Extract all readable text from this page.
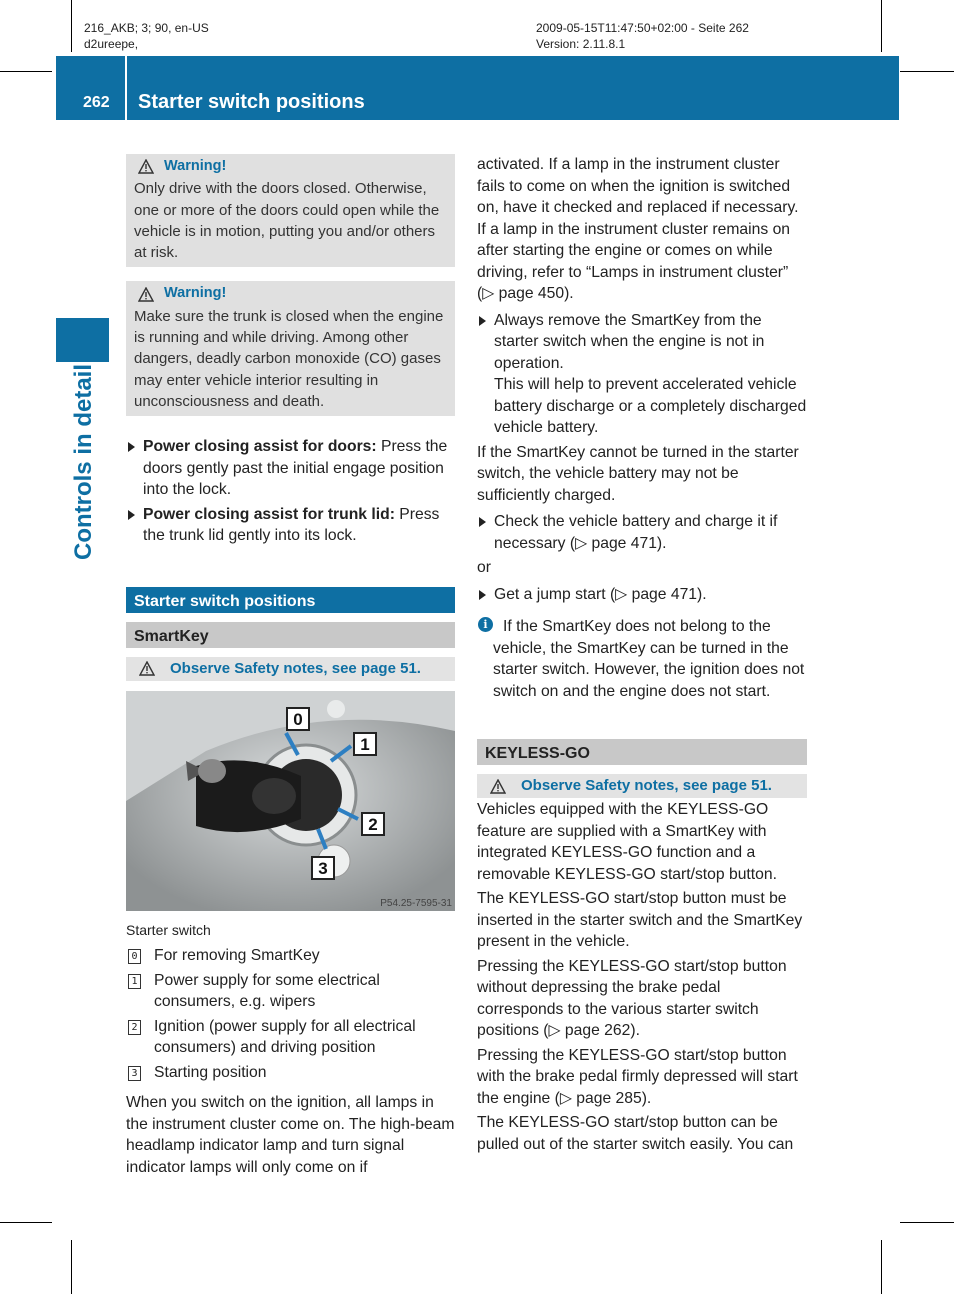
216_AKB; 3; 90, en-US
d2ureepe,
2009-05-15T11:47:50+02:00 - Seite 262
Version: 2.11.8.1
262 Starter switch positions
Controls in detail
Warning!
Only drive with the doors closed. Otherwise, one or more of the doors could open while the vehicle is in motion, putting you and/or others at risk.
Warning!
Make sure the trunk is closed when the engine is running and while driving. Among other dangers, deadly carbon monoxide (CO) gases may enter vehicle interior resulting in unconsciousness and death.
Power closing assist for doors: Press the doors gently past the initial engage position into the lock.
Power closing assist for trunk lid: Press the trunk lid gently into its lock.
Starter switch positions
SmartKey
Observe Safety notes, see page 51.
0
1
2
3
P54.25-7595-31
Starter switch
0 For removing SmartKey
1 Power supply for some electrical consumers, e.g. wipers
2 Ignition (power supply for all electrical consumers) and driving position
3 Starting position

When you switch on the ignition, all lamps in the instrument cluster come on. The high-beam headlamp indicator lamp and turn signal indicator lamps will only come on if

activated. If a lamp in the instrument cluster fails to come on when the ignition is switched on, have it checked and replaced if necessary. If a lamp in the instrument cluster remains on after starting the engine or comes on while driving, refer to “Lamps in instrument cluster” (▷ page 450).

Always remove the SmartKey from the starter switch when the engine is not in operation.
This will help to prevent accelerated vehicle battery discharge or a completely discharged vehicle battery.

If the SmartKey cannot be turned in the starter switch, the vehicle battery may not be sufficiently charged.

Check the vehicle battery and charge it if necessary (▷ page 471).

or

Get a jump start (▷ page 471).
i If the SmartKey does not belong to the vehicle, the SmartKey can be turned in the starter switch. However, the ignition does not switch on and the engine does not start.
KEYLESS-GO
Observe Safety notes, see page 51.

Vehicles equipped with the KEYLESS-GO feature are supplied with a SmartKey with integrated KEYLESS-GO function and a removable KEYLESS-GO start/stop button.

The KEYLESS-GO start/stop button must be inserted in the starter switch and the SmartKey present in the vehicle.

Pressing the KEYLESS-GO start/stop button without depressing the brake pedal corresponds to the various starter switch positions (▷ page 262).

Pressing the KEYLESS-GO start/stop button with the brake pedal firmly depressed will start the engine (▷ page 285).

The KEYLESS-GO start/stop button can be pulled out of the starter switch easily. You can
